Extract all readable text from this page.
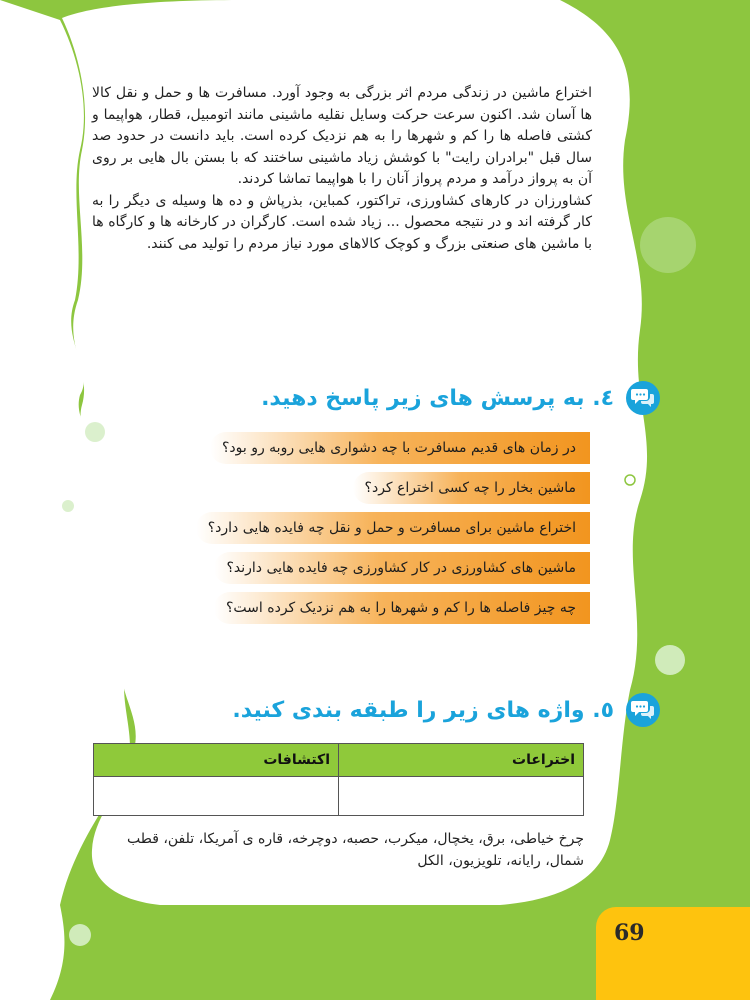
اختراع ماشین در زندگی مردم اثر بزرگی به وجود آورد. مسافرت ها و حمل و نقل کالا ها آسان شد. اکنون سرعت حرکت وسایل نقلیه ماشینی مانند اتومبیل، قطار، هواپیما و کشتی فاصله ها را کم و شهرها را به هم نزدیک کرده است. باید دانست در حدود صد سال قبل "برادران رایت" با کوشش زیاد ماشینی ساختند که با بستن بال هایی بر روی آن به پرواز درآمد و مردم پرواز آنان را با هواپیما تماشا کردند.

کشاورزان در کارهای کشاورزی، تراکتور، کمباین، بذرپاش و ده ها وسیله ی دیگر را به کار گرفته اند و در نتیجه محصول ... زیاد شده است. کارگران در کارخانه ها و کارگاه ها با ماشین های صنعتی بزرگ و کوچک کالاهای مورد نیاز مردم را تولید می کنند.

٤. به پرسش های زیر پاسخ دهید.
در زمان های قدیم مسافرت با چه دشواری هایی روبه رو بود؟
ماشین بخار را چه کسی اختراع کرد؟
اختراع ماشین برای مسافرت و حمل و نقل چه فایده هایی دارد؟
ماشین های کشاورزی در کار کشاورزی چه فایده هایی دارند؟
چه چیز فاصله ها را کم و شهرها را به هم نزدیک کرده است؟
٥. واژه های زیر را طبقه بندی کنید.
اختراعات	اکتشافات

چرخ خیاطی، برق، یخچال، میکرب، حصبه، دوچرخه، قاره ی آمریکا، تلفن، قطب شمال، رایانه، تلویزیون، الکل
69
